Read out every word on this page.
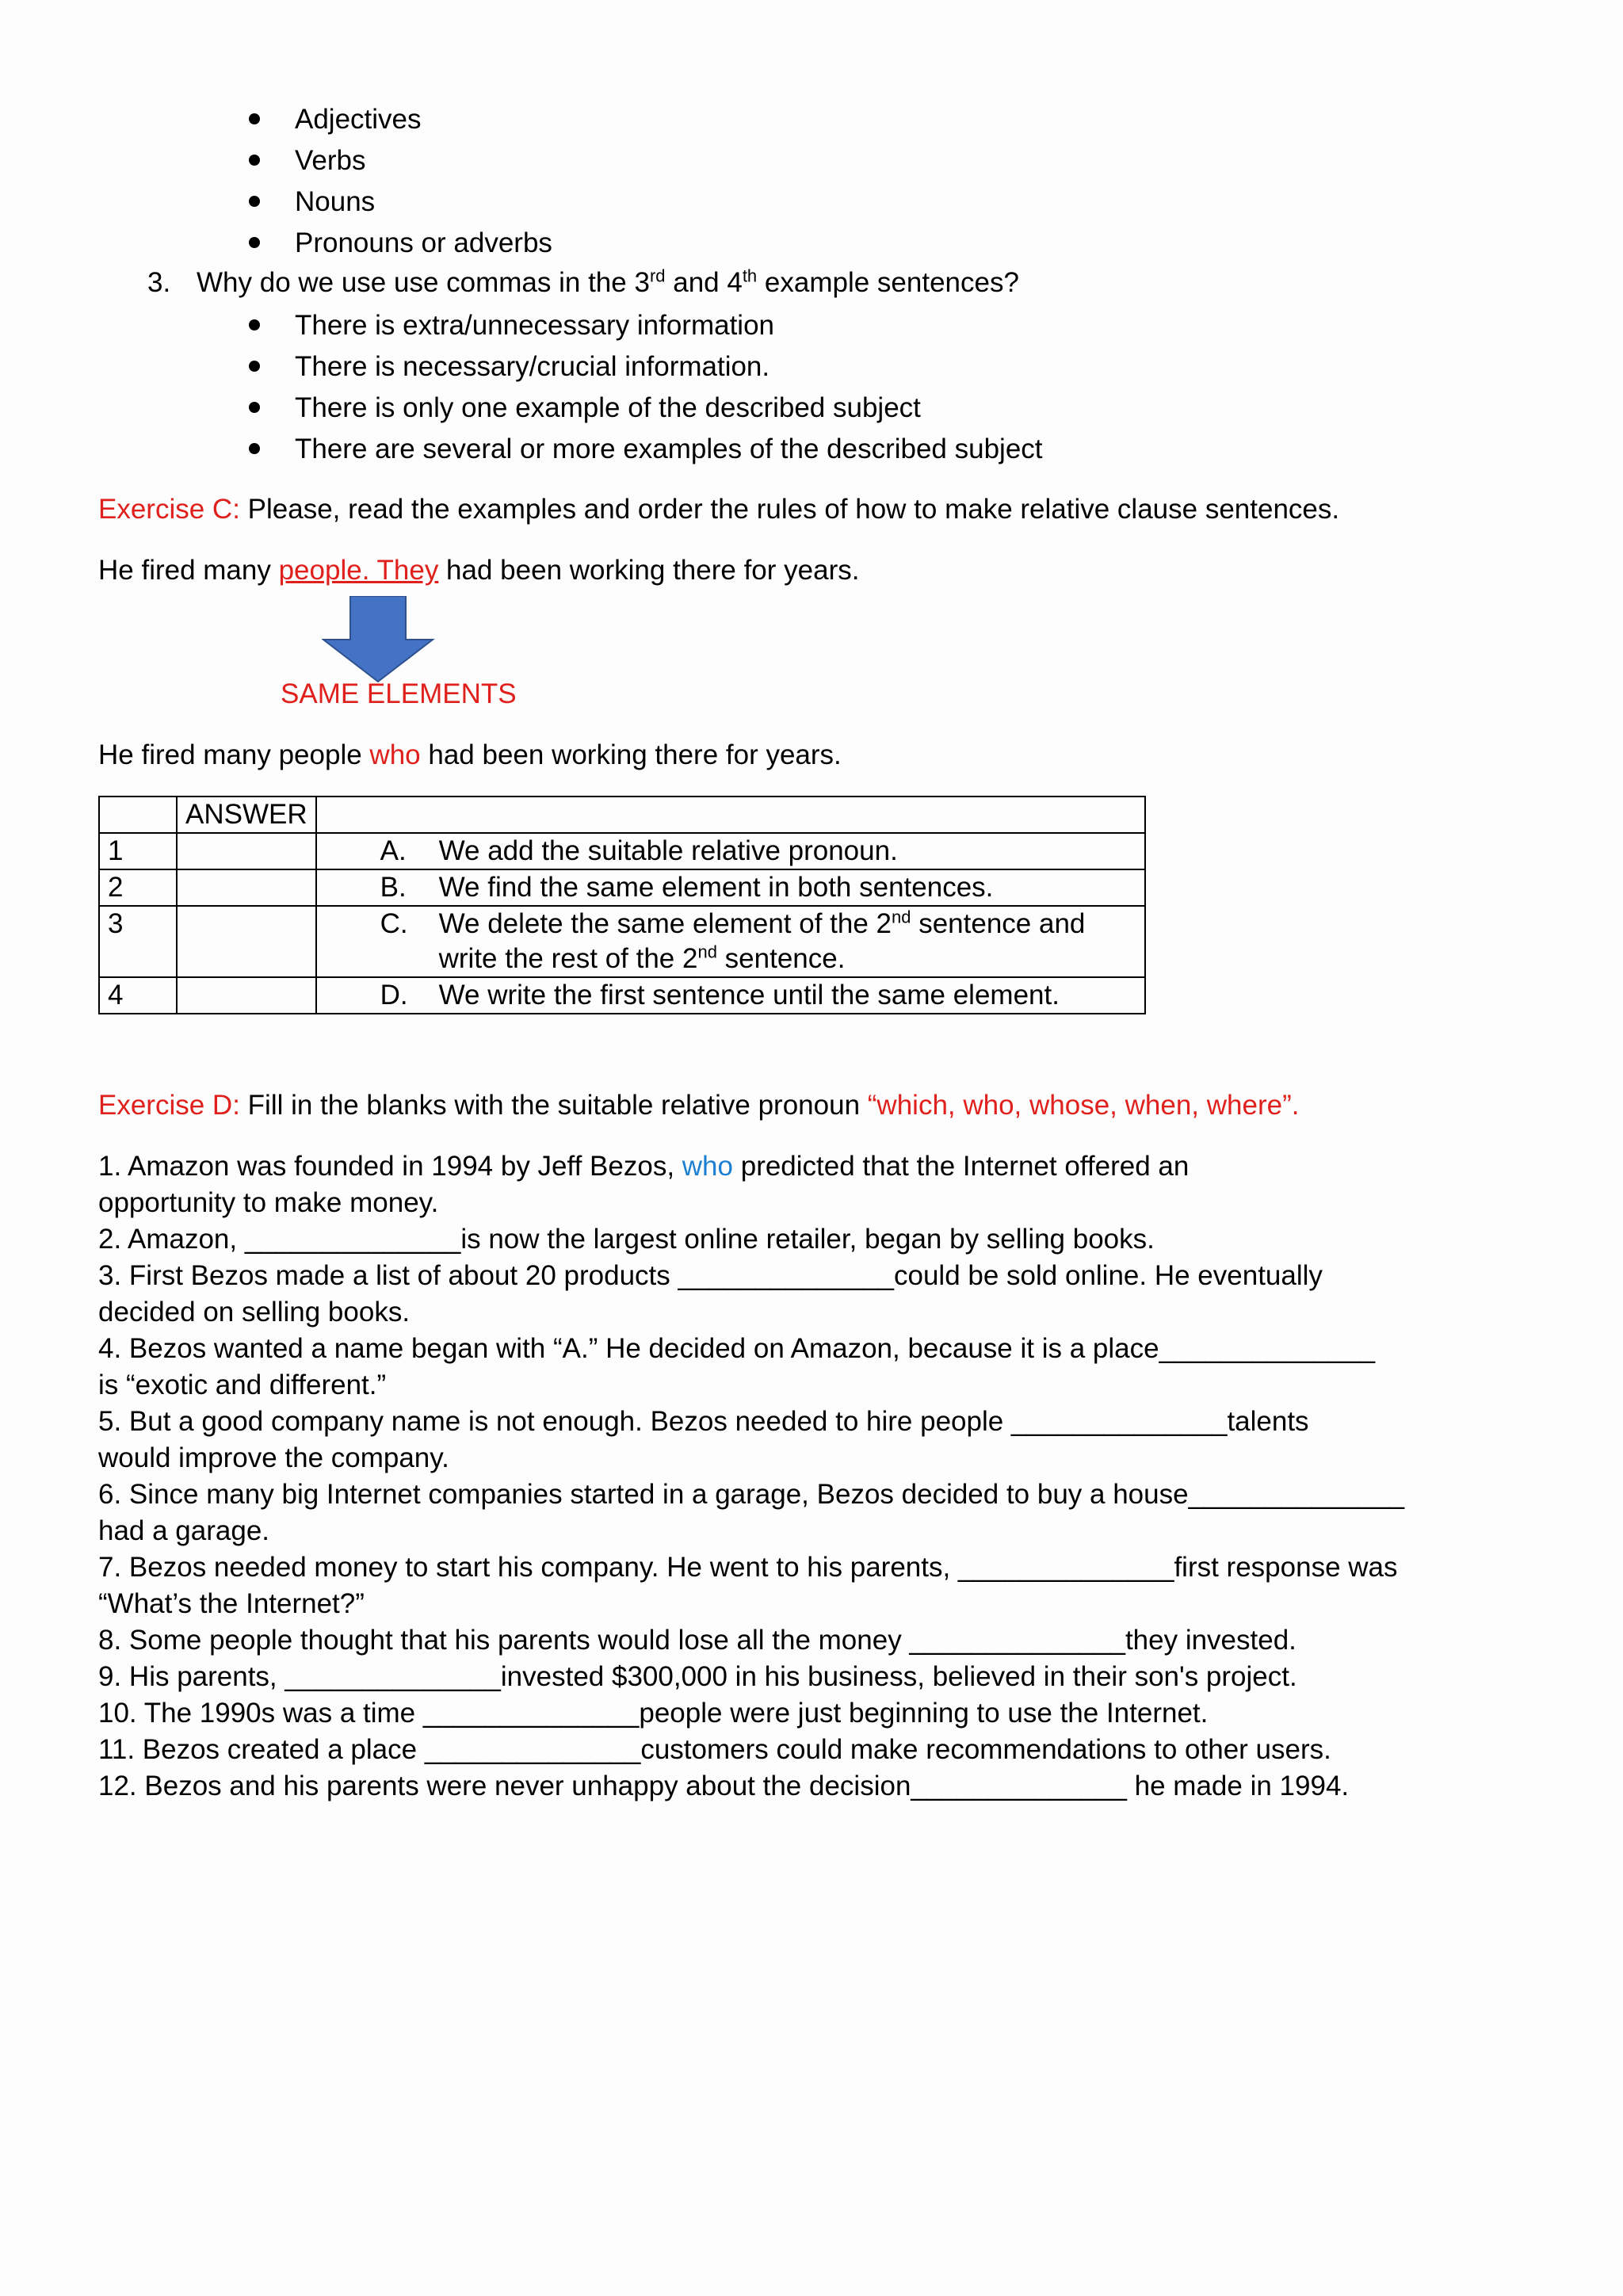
Adjectives
Verbs
Nouns
Pronouns or adverbs
3. Why do we use use commas in the 3rd and 4th example sentences?
There is extra/unnecessary information
There is necessary/crucial information.
There is only one example of the described subject
There are several or more examples of the described subject
Exercise C: Please, read the examples and order the rules of how to make relative clause sentences.
He fired many people. They had been working there for years.
SAME ELEMENTS
He fired many people who had been working there for years.
	ANSWER	
1		A. We add the suitable relative pronoun.

2		B. We find the same element in both sentences.

3		C. We delete the same element of the 2nd sentence and
write the rest of the 2nd sentence.

4		D. We write the first sentence until the same element.
Exercise D: Fill in the blanks with the suitable relative pronoun “which, who, whose, when, where”.
1. Amazon was founded in 1994 by Jeff Bezos, who predicted that the Internet offered an
opportunity to make money.
2. Amazon, ______________is now the largest online retailer, began by selling books.
3. First Bezos made a list of about 20 products ______________could be sold online. He eventually
decided on selling books.
4. Bezos wanted a name began with “A.” He decided on Amazon, because it is a place______________
is “exotic and different.”
5. But a good company name is not enough. Bezos needed to hire people ______________talents
would improve the company.
6. Since many big Internet companies started in a garage, Bezos decided to buy a house______________
had a garage.
7. Bezos needed money to start his company. He went to his parents, ______________first response was
“What’s the Internet?”
8. Some people thought that his parents would lose all the money ______________they invested.
9. His parents, ______________invested $300,000 in his business, believed in their son's project.
10. The 1990s was a time ______________people were just beginning to use the Internet.
11. Bezos created a place ______________customers could make recommendations to other users.
12. Bezos and his parents were never unhappy about the decision______________ he made in 1994.
